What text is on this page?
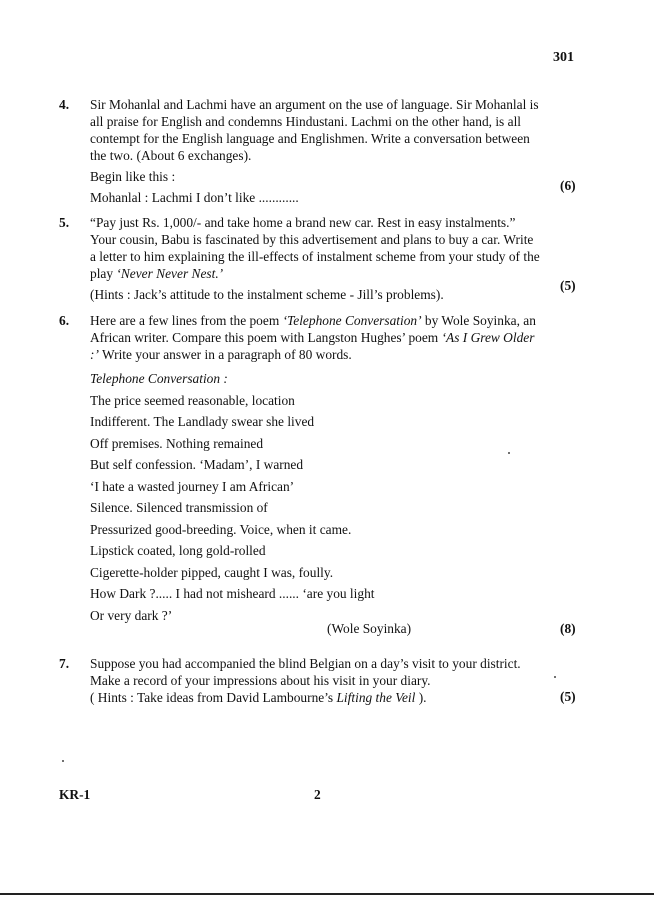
301
4. Sir Mohanlal and Lachmi have an argument on the use of language. Sir Mohanlal is all praise for English and condemns Hindustani. Lachmi on the other hand, is all contempt for the English language and Englishmen. Write a conversation between the two. (About 6 exchanges).

Begin like this :

Mohanlal : Lachmi I don’t like ............

(6)
5. “Pay just Rs. 1,000/- and take home a brand new car. Rest in easy instalments.” Your cousin, Babu is fascinated by this advertisement and plans to buy a car. Write a letter to him explaining the ill-effects of instalment scheme from your study of the play ‘Never Never Nest.’

(Hints : Jack’s attitude to the instalment scheme - Jill’s problems).

(5)
6. Here are a few lines from the poem ‘Telephone Conversation’ by Wole Soyinka, an African writer. Compare this poem with Langston Hughes’ poem ‘As I Grew Older :’ Write your answer in a paragraph of 80 words.

Telephone Conversation :

The price seemed reasonable, location

Indifferent. The Landlady swear she lived

Off premises. Nothing remained

But self confession. ‘Madam’, I warned

‘I hate a wasted journey I am African’

Silence. Silenced transmission of

Pressurized good-breeding. Voice, when it came.

Lipstick coated, long gold-rolled

Cigerette-holder pipped, caught I was, foully.

How Dark ?..... I had not misheard ...... ‘are you light

Or very dark ?’

(Wole Soyinka)	(8)
7. Suppose you had accompanied the blind Belgian on a day’s visit to your district. Make a record of your impressions about his visit in your diary.

( Hints : Take ideas from David Lambourne’s Lifting the Veil ).	(5)
KR-1	2
